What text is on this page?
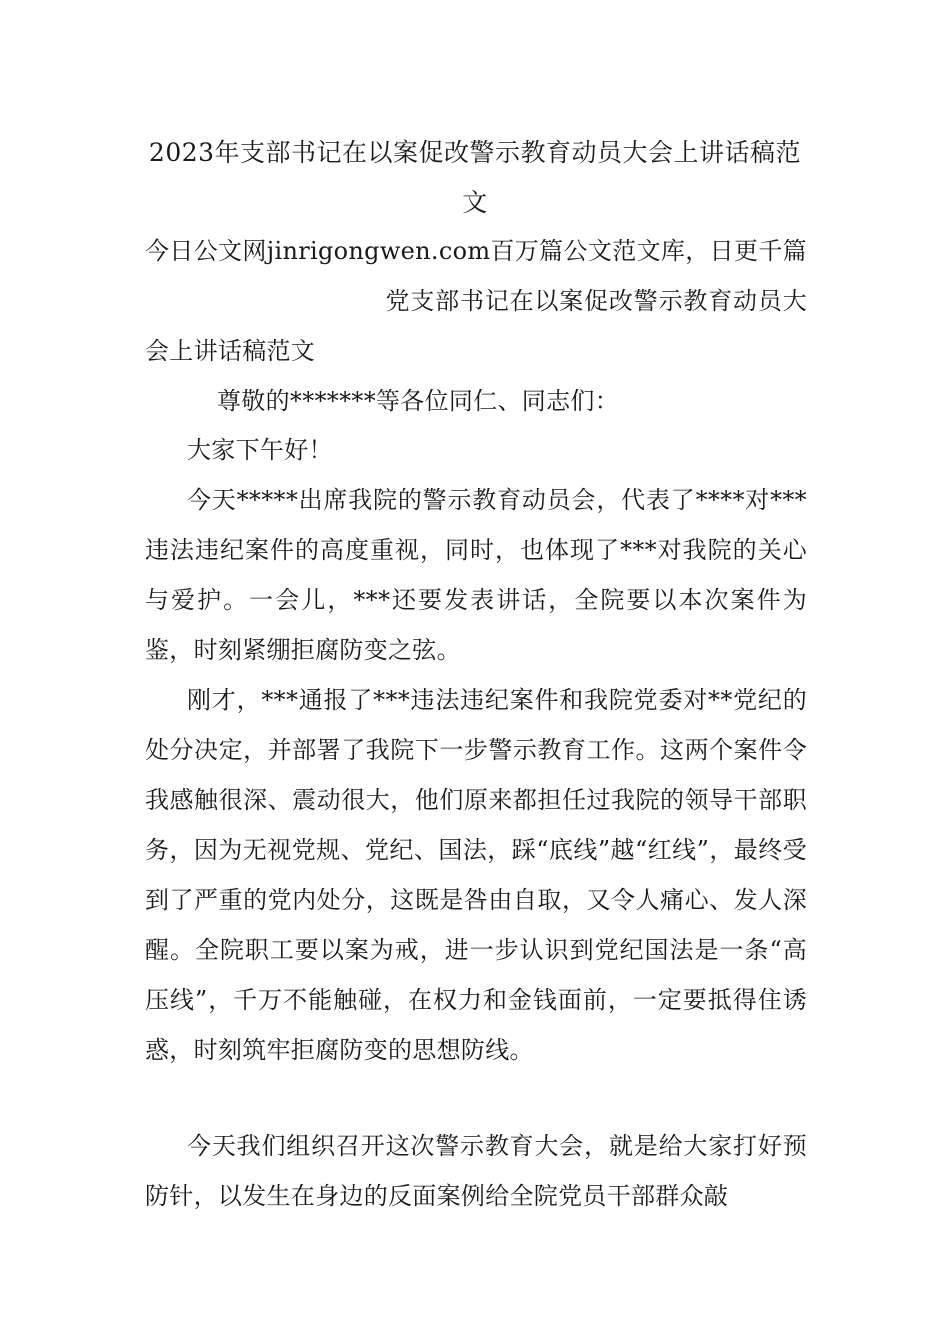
2023年支部书记在以案促改警示教育动员大会上讲话稿范文
今日公文网jinrigongwen.com百万篇公文范文库，日更千篇党支部书记在以案促改警示教育动员大会上讲话稿范文
尊敬的*******等各位同仁、同志们：
大家下午好！
今天*****出席我院的警示教育动员会，代表了****对***违法违纪案件的高度重视，同时，也体现了***对我院的关心与爱护。一会儿，***还要发表讲话，全院要以本次案件为鉴，时刻紧绷拒腐防变之弦。
刚才，***通报了***违法违纪案件和我院党委对**党纪的处分决定，并部署了我院下一步警示教育工作。这两个案件令我感触很深、震动很大，他们原来都担任过我院的领导干部职务，因为无视党规、党纪、国法，踩“底线”越“红线”，最终受到了严重的党内处分，这既是咎由自取，又令人痛心、发人深醒。全院职工要以案为戒，进一步认识到党纪国法是一条“高压线”，千万不能触碰，在权力和金钱面前，一定要抵得住诱惑，时刻筑牢拒腐防变的思想防线。
今天我们组织召开这次警示教育大会，就是给大家打好预防针，以发生在身边的反面案例给全院党员干部群众敲
